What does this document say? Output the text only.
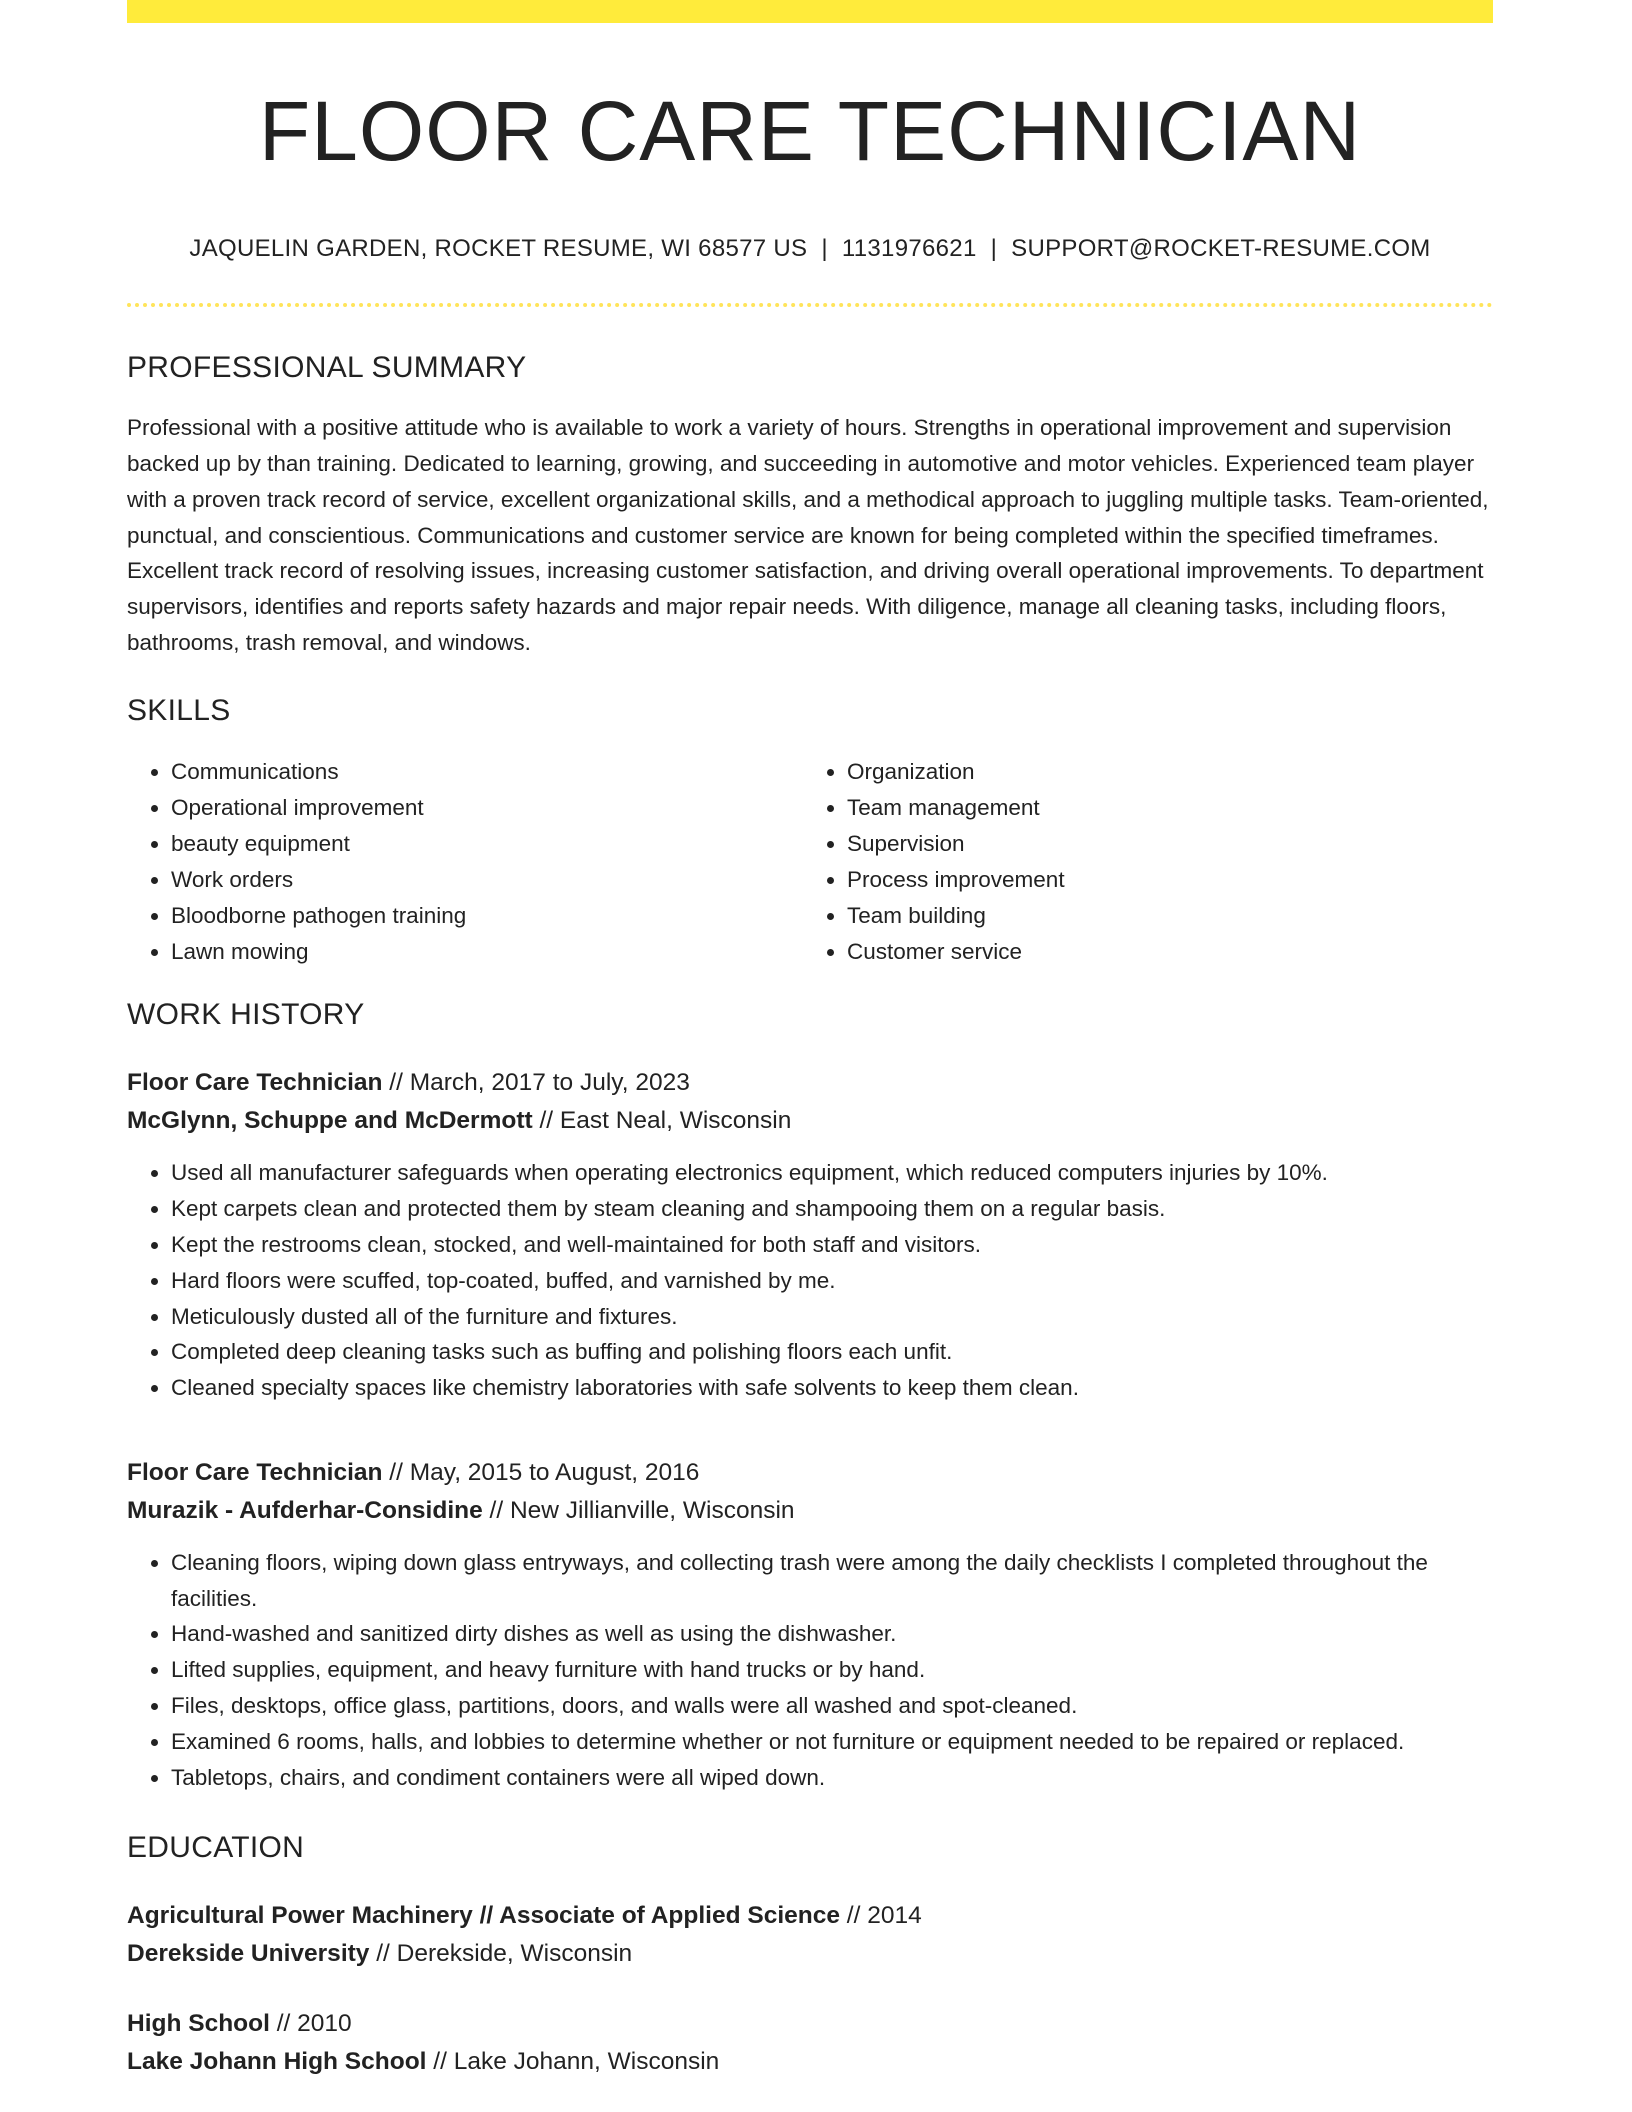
FLOOR CARE TECHNICIAN
JAQUELIN GARDEN, ROCKET RESUME, WI 68577 US | 1131976621 | SUPPORT@ROCKET-RESUME.COM
PROFESSIONAL SUMMARY

Professional with a positive attitude who is available to work a variety of hours. Strengths in operational improvement and supervision backed up by than training. Dedicated to learning, growing, and succeeding in automotive and motor vehicles. Experienced team player with a proven track record of service, excellent organizational skills, and a methodical approach to juggling multiple tasks. Team-oriented, punctual, and conscientious. Communications and customer service are known for being completed within the specified timeframes. Excellent track record of resolving issues, increasing customer satisfaction, and driving overall operational improvements. To department supervisors, identifies and reports safety hazards and major repair needs. With diligence, manage all cleaning tasks, including floors, bathrooms, trash removal, and windows.

SKILLS
• Communications
• Operational improvement
• beauty equipment
• Work orders
• Bloodborne pathogen training
• Lawn mowing
• Organization
• Team management
• Supervision
• Process improvement
• Team building
• Customer service
WORK HISTORY
Floor Care Technician // March, 2017 to July, 2023
McGlynn, Schuppe and McDermott // East Neal, Wisconsin
• Used all manufacturer safeguards when operating electronics equipment, which reduced computers injuries by 10%.
• Kept carpets clean and protected them by steam cleaning and shampooing them on a regular basis.
• Kept the restrooms clean, stocked, and well-maintained for both staff and visitors.
• Hard floors were scuffed, top-coated, buffed, and varnished by me.
• Meticulously dusted all of the furniture and fixtures.
• Completed deep cleaning tasks such as buffing and polishing floors each unfit.
• Cleaned specialty spaces like chemistry laboratories with safe solvents to keep them clean.
Floor Care Technician // May, 2015 to August, 2016
Murazik - Aufderhar-Considine // New Jillianville, Wisconsin
• Cleaning floors, wiping down glass entryways, and collecting trash were among the daily checklists I completed throughout the facilities.
• Hand-washed and sanitized dirty dishes as well as using the dishwasher.
• Lifted supplies, equipment, and heavy furniture with hand trucks or by hand.
• Files, desktops, office glass, partitions, doors, and walls were all washed and spot-cleaned.
• Examined 6 rooms, halls, and lobbies to determine whether or not furniture or equipment needed to be repaired or replaced.
• Tabletops, chairs, and condiment containers were all wiped down.
EDUCATION
Agricultural Power Machinery // Associate of Applied Science // 2014
Derekside University // Derekside, Wisconsin
High School // 2010
Lake Johann High School // Lake Johann, Wisconsin
